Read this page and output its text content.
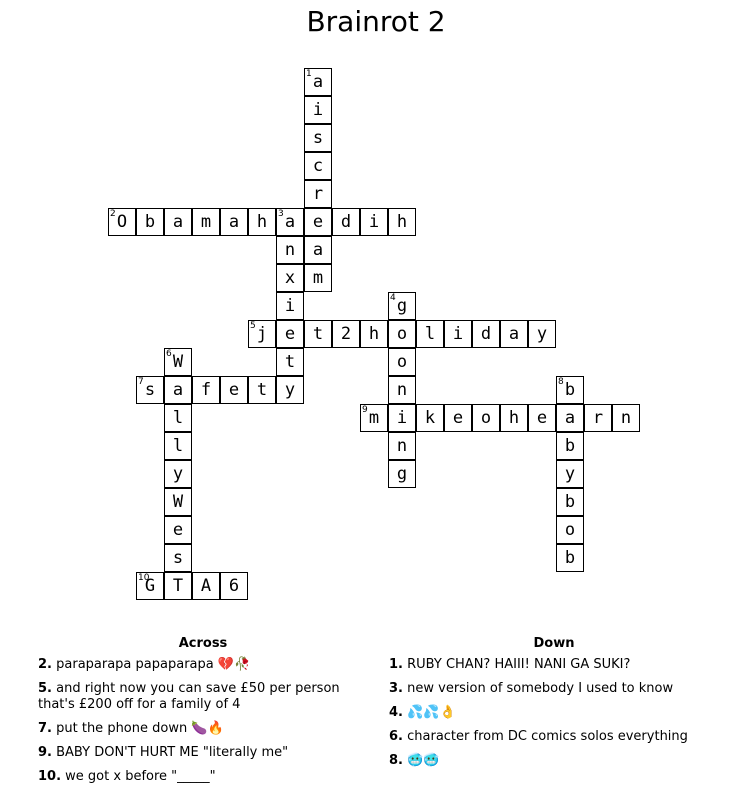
Brainrot 2
1 a
i
s
c
r
e
a
m
2 O	b	a	m	a	h	3 a	d	i	h
n
x
i
e
t
y
4 g
o
n
i
n
g
5 j	t	2	h	o	l	i	d	a	y
6 W
7 s	a	f	e	t
l
l
y
W
e
s
8 b
b
y
b
o
b
9 m	k	e	o	h	e	a	r	n
10
G	T	A	6
Across
2. paraparapa papaparapa 💔🥀
5. and right now you can save £50 per person that's £200 off for a family of 4
7. put the phone down 🍆🔥
9. BABY DON'T HURT ME "literally me"
10. we got x before "_____"
Down
1. RUBY CHAN? HAIII! NANI GA SUKI?
3. new version of somebody I used to know
4. 💦💦👌
6. character from DC comics solos everything
8. 🥶🥶
